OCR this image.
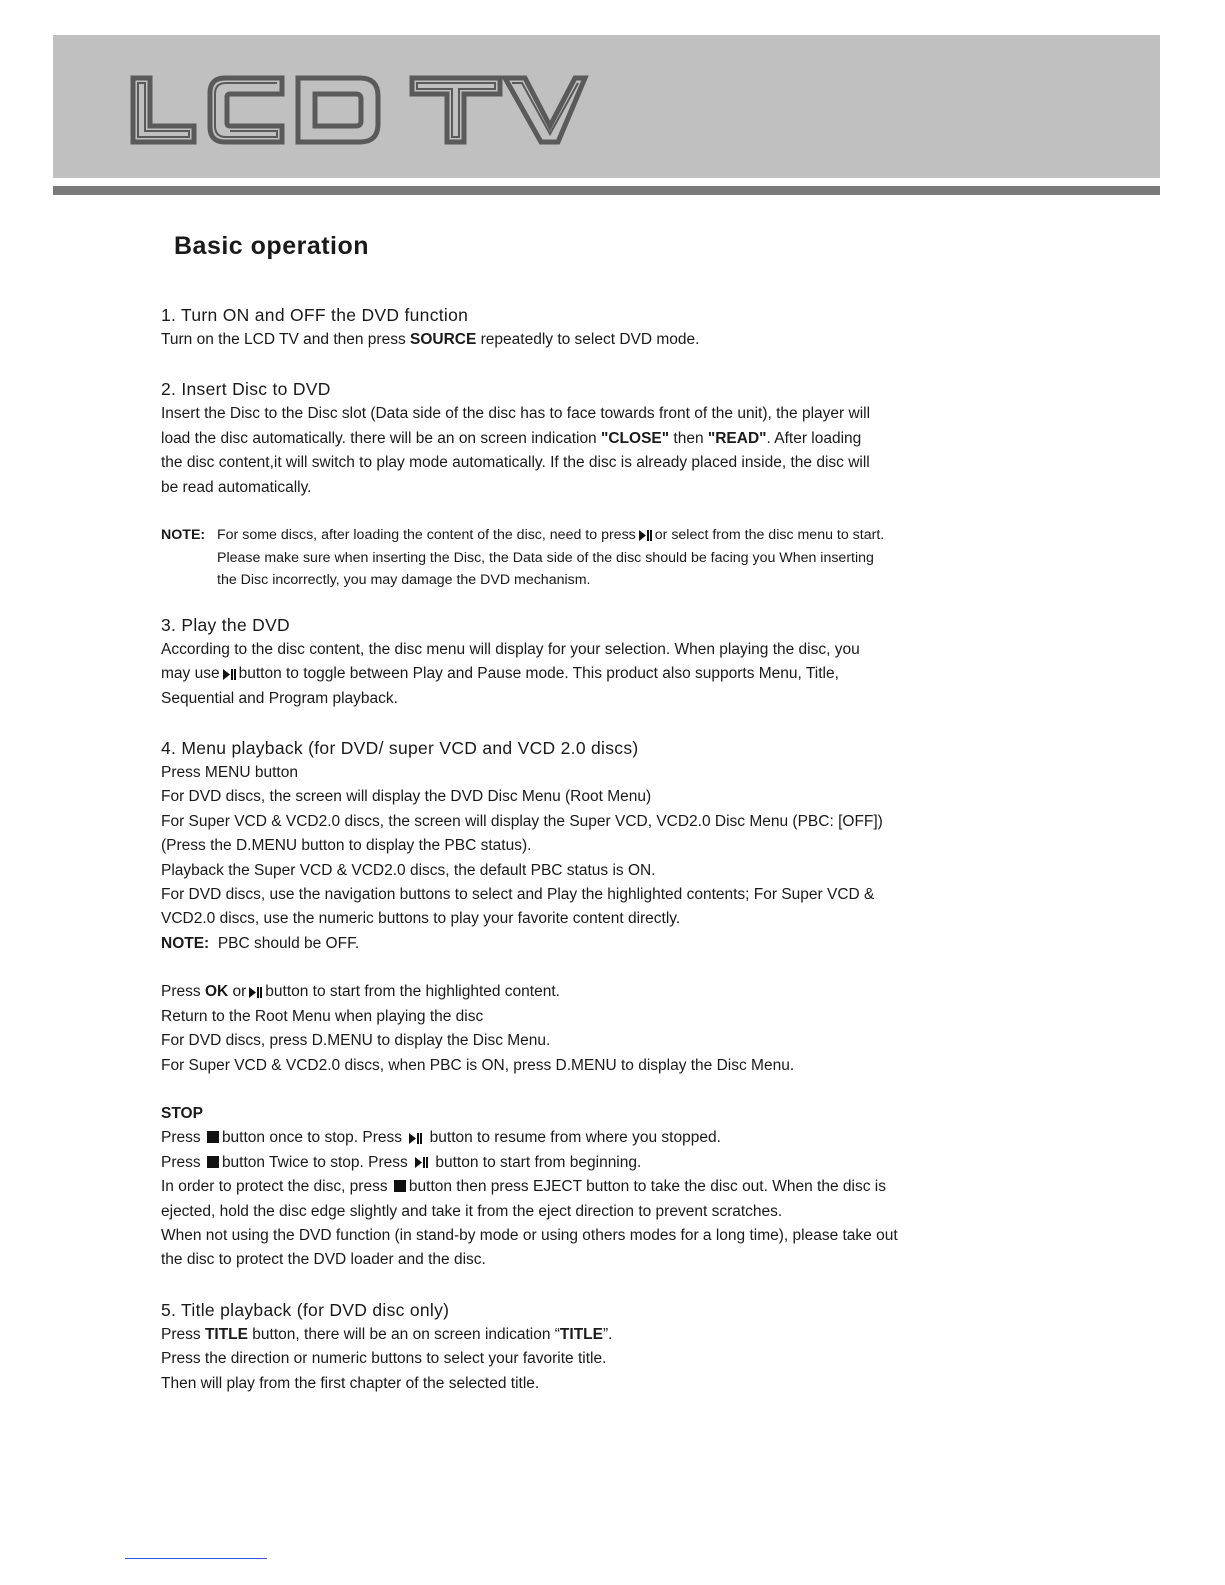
Basic operation

1. Turn ON and OFF the DVD function

Turn on the LCD TV and then press SOURCE repeatedly to select DVD mode.

2. Insert Disc to DVD

Insert the Disc to the Disc slot (Data side of the disc has to face towards front of the unit), the player will

load the disc automatically. there will be an on screen indication "CLOSE" then "READ". After loading

the disc content,it will switch to play mode automatically. If the disc is already placed inside, the disc will

be read automatically.

NOTE: For some discs, after loading the content of the disc, need to press or select from the disc menu to start.
Please make sure when inserting the Disc, the Data side of the disc should be facing you When inserting
the Disc incorrectly, you may damage the DVD mechanism.

3. Play the DVD

According to the disc content, the disc menu will display for your selection. When playing the disc, you

may use button to toggle between Play and Pause mode. This product also supports Menu, Title,

Sequential and Program playback.

4. Menu playback (for DVD/ super VCD and VCD 2.0 discs)

Press MENU button

For DVD discs, the screen will display the DVD Disc Menu (Root Menu)

For Super VCD & VCD2.0 discs, the screen will display the Super VCD, VCD2.0 Disc Menu (PBC: [OFF])

(Press the D.MENU button to display the PBC status).

Playback the Super VCD & VCD2.0 discs, the default PBC status is ON.

For DVD discs, use the navigation buttons to select and Play the highlighted contents; For Super VCD &

VCD2.0 discs, use the numeric buttons to play your favorite content directly.

NOTE: PBC should be OFF.

Press OK or button to start from the highlighted content.

Return to the Root Menu when playing the disc

For DVD discs, press D.MENU to display the Disc Menu.

For Super VCD & VCD2.0 discs, when PBC is ON, press D.MENU to display the Disc Menu.

STOP

Press button once to stop. Press button to resume from where you stopped.

Press button Twice to stop. Press button to start from beginning.

In order to protect the disc, press button then press EJECT button to take the disc out. When the disc is

ejected, hold the disc edge slightly and take it from the eject direction to prevent scratches.

When not using the DVD function (in stand-by mode or using others modes for a long time), please take out

the disc to protect the DVD loader and the disc.

5. Title playback (for DVD disc only)

Press TITLE button, there will be an on screen indication “TITLE”.

Press the direction or numeric buttons to select your favorite title.

Then will play from the first chapter of the selected title.
